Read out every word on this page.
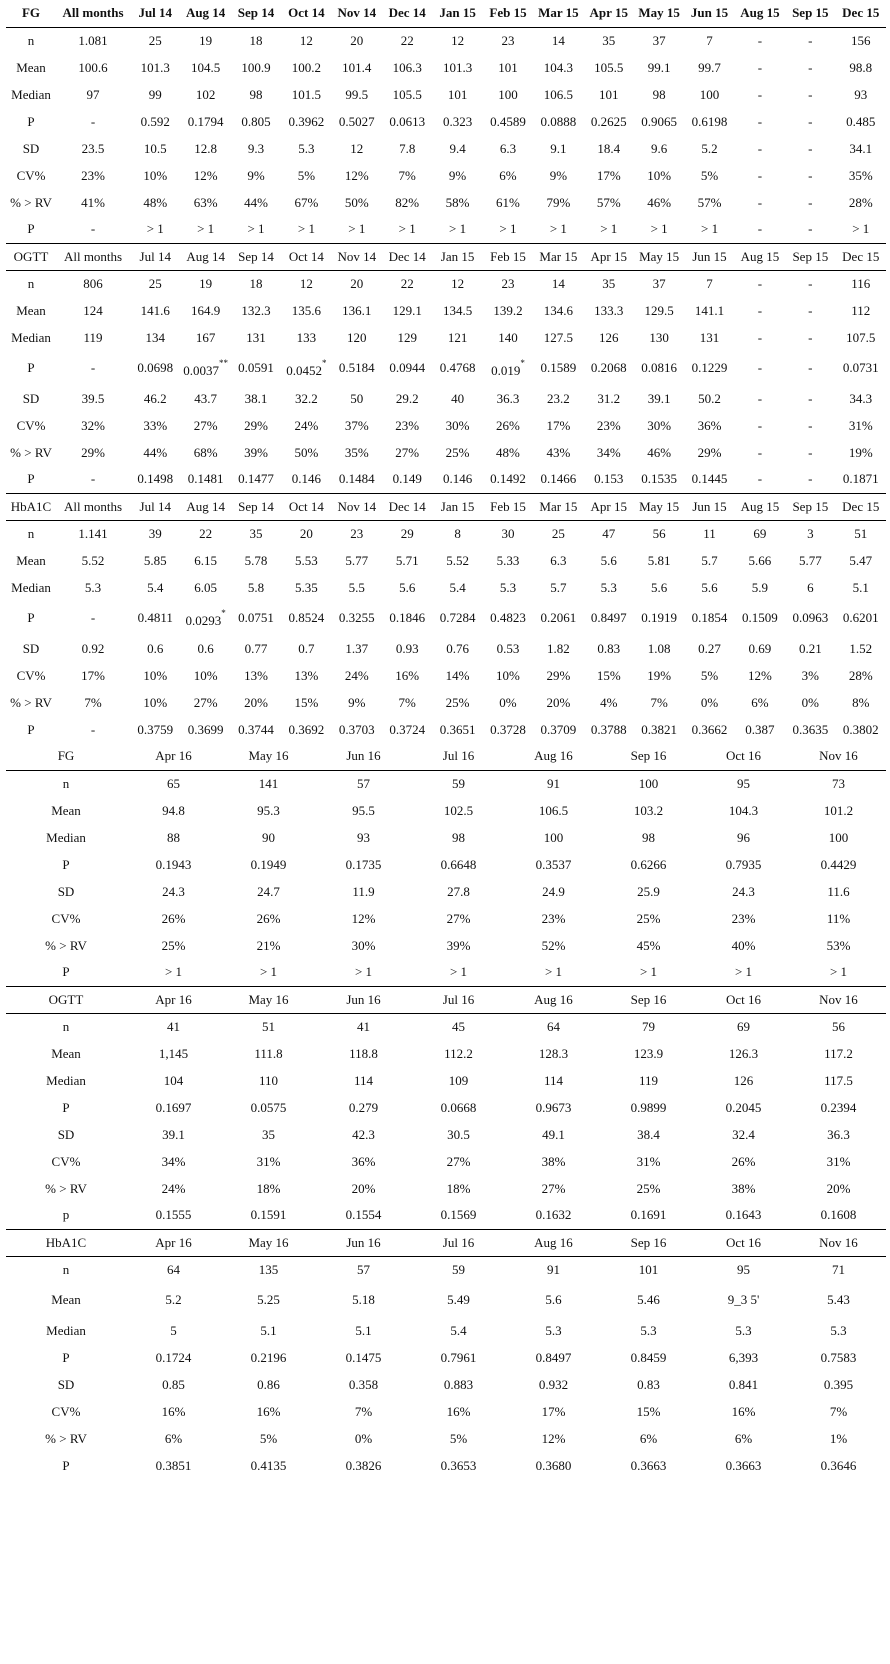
FG	All months	Jul 14	Aug 14	Sep 14	Oct 14	Nov 14	Dec 14	Jan 15	Feb 15	Mar 15	Apr 15	May 15	Jun 15	Aug 15	Sep 15	Dec 15
n	1.081	25	19	18	12	20	22	12	23	14	35	37	7	-	-	156
Mean	100.6	101.3	104.5	100.9	100.2	101.4	106.3	101.3	101	104.3	105.5	99.1	99.7	-	-	98.8
Median	97	99	102	98	101.5	99.5	105.5	101	100	106.5	101	98	100	-	-	93
P	-	0.592	0.1794	0.805	0.3962	0.5027	0.0613	0.323	0.4589	0.0888	0.2625	0.9065	0.6198	-	-	0.485
SD	23.5	10.5	12.8	9.3	5.3	12	7.8	9.4	6.3	9.1	18.4	9.6	5.2	-	-	34.1
CV%	23%	10%	12%	9%	5%	12%	7%	9%	6%	9%	17%	10%	5%	-	-	35%
% > RV	41%	48%	63%	44%	67%	50%	82%	58%	61%	79%	57%	46%	57%	-	-	28%
P	-	> 1	> 1	> 1	> 1	> 1	> 1	> 1	> 1	> 1	> 1	> 1	> 1	-	-	> 1
OGTT	All months	Jul 14	Aug 14	Sep 14	Oct 14	Nov 14	Dec 14	Jan 15	Feb 15	Mar 15	Apr 15	May 15	Jun 15	Aug 15	Sep 15	Dec 15
n	806	25	19	18	12	20	22	12	23	14	35	37	7	-	-	116
Mean	124	141.6	164.9	132.3	135.6	136.1	129.1	134.5	139.2	134.6	133.3	129.5	141.1	-	-	112
Median	119	134	167	131	133	120	129	121	140	127.5	126	130	131	-	-	107.5
P	-	0.0698	0.0037**	0.0591	0.0452*	0.5184	0.0944	0.4768	0.019*	0.1589	0.2068	0.0816	0.1229	-	-	0.0731
SD	39.5	46.2	43.7	38.1	32.2	50	29.2	40	36.3	23.2	31.2	39.1	50.2	-	-	34.3
CV%	32%	33%	27%	29%	24%	37%	23%	30%	26%	17%	23%	30%	36%	-	-	31%
% > RV	29%	44%	68%	39%	50%	35%	27%	25%	48%	43%	34%	46%	29%	-	-	19%
P	-	0.1498	0.1481	0.1477	0.146	0.1484	0.149	0.146	0.1492	0.1466	0.153	0.1535	0.1445	-	-	0.1871
HbA1C	All months	Jul 14	Aug 14	Sep 14	Oct 14	Nov 14	Dec 14	Jan 15	Feb 15	Mar 15	Apr 15	May 15	Jun 15	Aug 15	Sep 15	Dec 15
n	1.141	39	22	35	20	23	29	8	30	25	47	56	11	69	3	51
Mean	5.52	5.85	6.15	5.78	5.53	5.77	5.71	5.52	5.33	6.3	5.6	5.81	5.7	5.66	5.77	5.47
Median	5.3	5.4	6.05	5.8	5.35	5.5	5.6	5.4	5.3	5.7	5.3	5.6	5.6	5.9	6	5.1
P	-	0.4811	0.0293*	0.0751	0.8524	0.3255	0.1846	0.7284	0.4823	0.2061	0.8497	0.1919	0.1854	0.1509	0.0963	0.6201
SD	0.92	0.6	0.6	0.77	0.7	1.37	0.93	0.76	0.53	1.82	0.83	1.08	0.27	0.69	0.21	1.52
CV%	17%	10%	10%	13%	13%	24%	16%	14%	10%	29%	15%	19%	5%	12%	3%	28%
% > RV	7%	10%	27%	20%	15%	9%	7%	25%	0%	20%	4%	7%	0%	6%	0%	8%
P	-	0.3759	0.3699	0.3744	0.3692	0.3703	0.3724	0.3651	0.3728	0.3709	0.3788	0.3821	0.3662	0.387	0.3635	0.3802
FG	Apr 16	May 16	Jun 16	Jul 16	Aug 16	Sep 16	Oct 16	Nov 16
n	65	141	57	59	91	100	95	73
Mean	94.8	95.3	95.5	102.5	106.5	103.2	104.3	101.2
Median	88	90	93	98	100	98	96	100
P	0.1943	0.1949	0.1735	0.6648	0.3537	0.6266	0.7935	0.4429
SD	24.3	24.7	11.9	27.8	24.9	25.9	24.3	11.6
CV%	26%	26%	12%	27%	23%	25%	23%	11%
% > RV	25%	21%	30%	39%	52%	45%	40%	53%
P	> 1	> 1	> 1	> 1	> 1	> 1	> 1	> 1
OGTT	Apr 16	May 16	Jun 16	Jul 16	Aug 16	Sep 16	Oct 16	Nov 16
n	41	51	41	45	64	79	69	56
Mean	1,145	111.8	118.8	112.2	128.3	123.9	126.3	117.2
Median	104	110	114	109	114	119	126	117.5
P	0.1697	0.0575	0.279	0.0668	0.9673	0.9899	0.2045	0.2394
SD	39.1	35	42.3	30.5	49.1	38.4	32.4	36.3
CV%	34%	31%	36%	27%	38%	31%	26%	31%
% > RV	24%	18%	20%	18%	27%	25%	38%	20%
p	0.1555	0.1591	0.1554	0.1569	0.1632	0.1691	0.1643	0.1608
HbA1C	Apr 16	May 16	Jun 16	Jul 16	Aug 16	Sep 16	Oct 16	Nov 16
n	64	135	57	59	91	101	95	71
Mean	5.2	5.25	5.18	5.49	5.6	5.46	9_3 5'	5.43
Median	5	5.1	5.1	5.4	5.3	5.3	5.3	5.3
P	0.1724	0.2196	0.1475	0.7961	0.8497	0.8459	6,393	0.7583
SD	0.85	0.86	0.358	0.883	0.932	0.83	0.841	0.395
CV%	16%	16%	7%	16%	17%	15%	16%	7%
% > RV	6%	5%	0%	5%	12%	6%	6%	1%
P	0.3851	0.4135	0.3826	0.3653	0.3680	0.3663	0.3663	0.3646
